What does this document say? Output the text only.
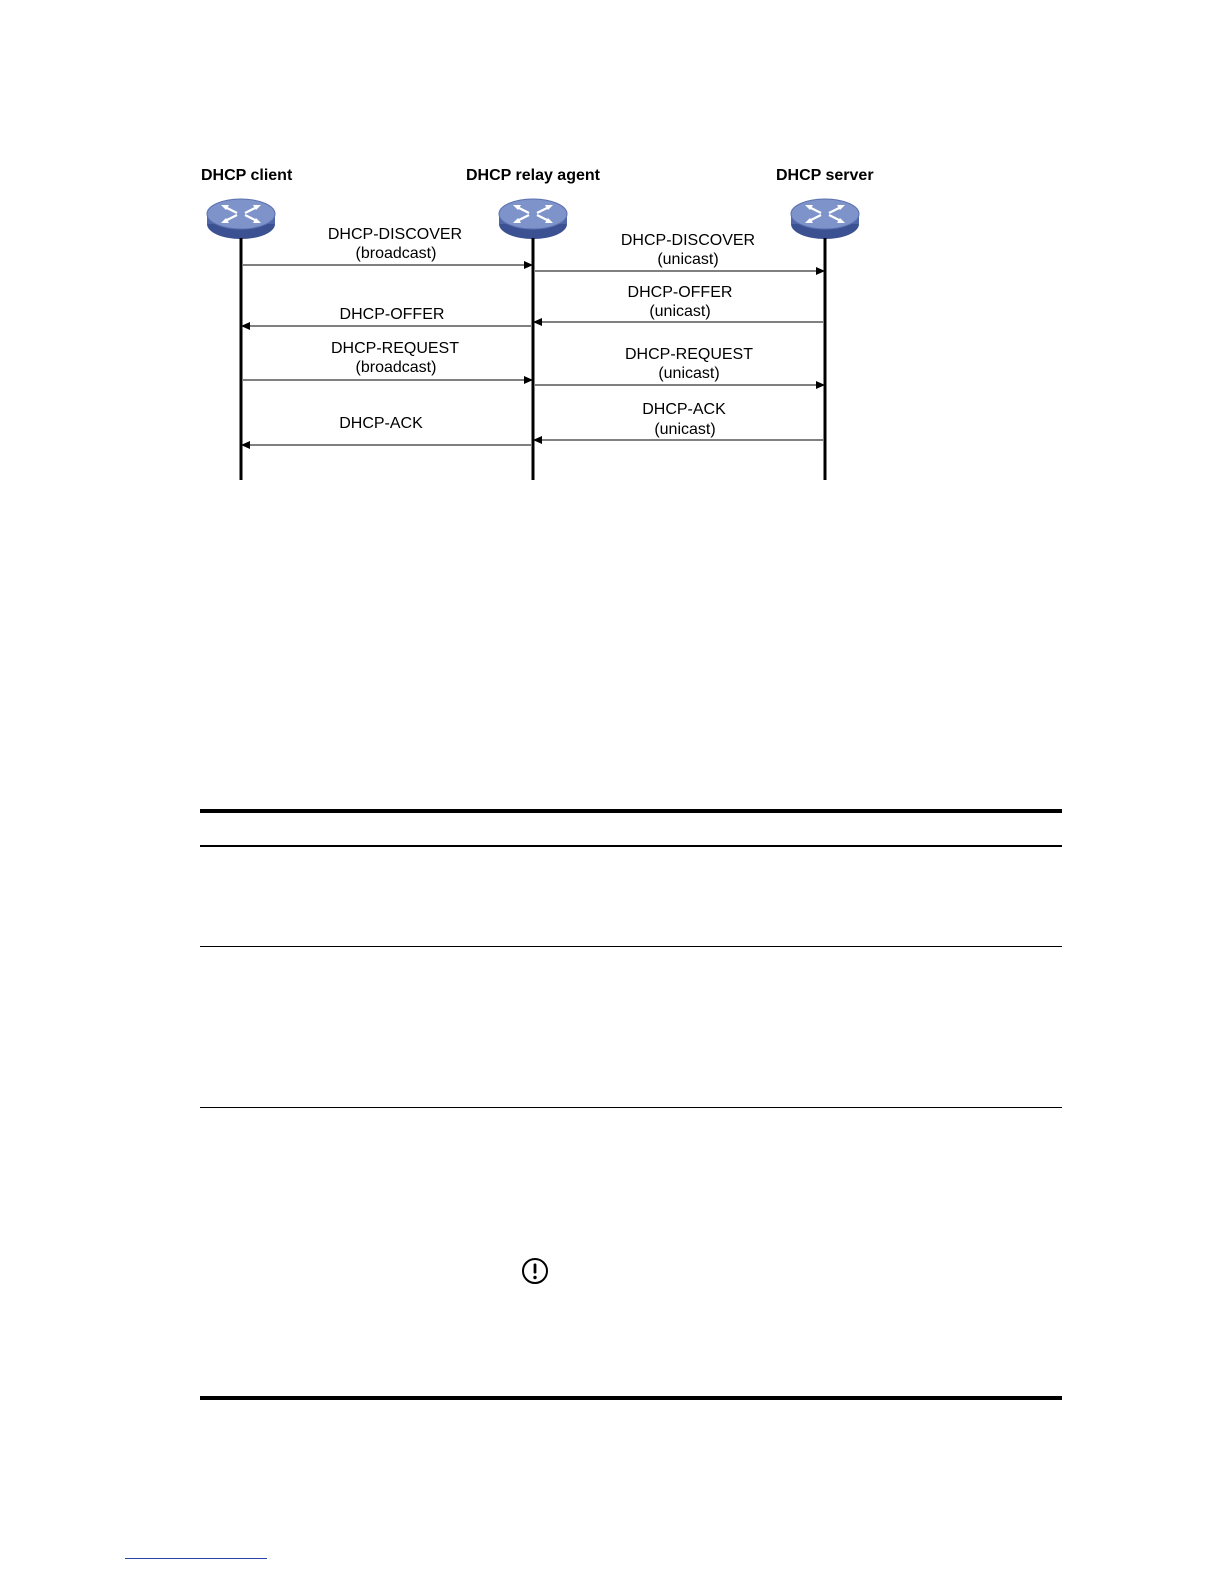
DHCP client	DHCP relay agent	DHCP server
DHCP-DISCOVER
(broadcast)
DHCP-DISCOVER
(unicast)
DHCP-OFFER
(unicast)
DHCP-OFFER
DHCP-REQUEST
(broadcast)
DHCP-REQUEST
(unicast)
DHCP-ACK
(unicast)
DHCP-ACK
